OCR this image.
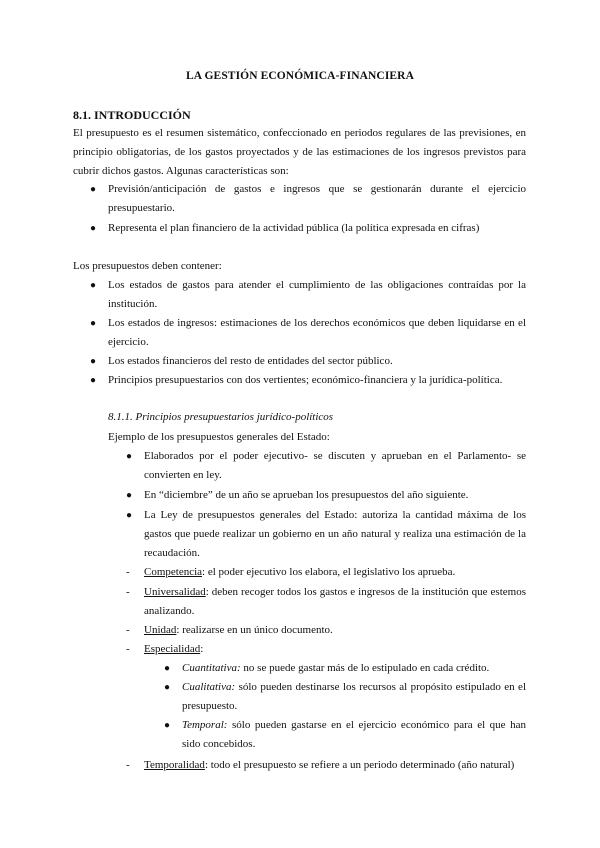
LA GESTIÓN ECONÓMICA-FINANCIERA
8.1. INTRODUCCIÓN
El presupuesto es el resumen sistemático, confeccionado en periodos regulares de las previsiones, en principio obligatorias, de los gastos proyectados y de las estimaciones de los ingresos previstos para cubrir dichos gastos. Algunas características son:
● Previsión/anticipación de gastos e ingresos que se gestionarán durante el ejercicio presupuestario.
● Representa el plan financiero de la actividad pública (la política expresada en cifras)
Los presupuestos deben contener:
● Los estados de gastos para atender el cumplimiento de las obligaciones contraídas por la institución.
● Los estados de ingresos: estimaciones de los derechos económicos que deben liquidarse en el ejercicio.
● Los estados financieros del resto de entidades del sector público.
● Principios presupuestarios con dos vertientes; económico-financiera y la jurídica-política.
8.1.1. Principios presupuestarios jurídico-políticos
Ejemplo de los presupuestos generales del Estado:
● Elaborados por el poder ejecutivo- se discuten y aprueban en el Parlamento- se convierten en ley.
● En “diciembre” de un año se aprueban los presupuestos del año siguiente.
● La Ley de presupuestos generales del Estado: autoriza la cantidad máxima de los gastos que puede realizar un gobierno en un año natural y realiza una estimación de la recaudación.
- Competencia: el poder ejecutivo los elabora, el legislativo los aprueba.
- Universalidad: deben recoger todos los gastos e ingresos de la institución que estemos analizando.
- Unidad: realizarse en un único documento.
- Especialidad:
● Cuantitativa: no se puede gastar más de lo estipulado en cada crédito.
● Cualitativa: sólo pueden destinarse los recursos al propósito estipulado en el presupuesto.
● Temporal: sólo pueden gastarse en el ejercicio económico para el que han sido concebidos.
- Temporalidad: todo el presupuesto se refiere a un periodo determinado (año natural)
